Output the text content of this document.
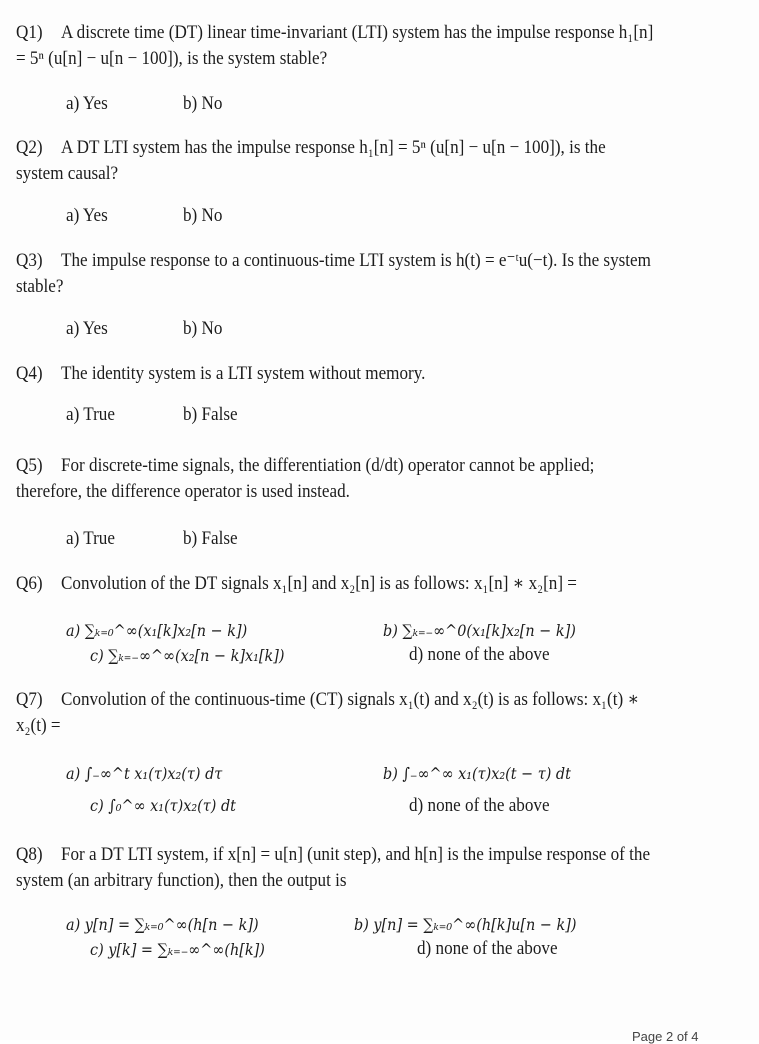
Q1) A discrete time (DT) linear time-invariant (LTI) system has the impulse response h₁[n] = 5ⁿ (u[n] − u[n − 100]), is the system stable?
a) Yes	b) No
Q2) A DT LTI system has the impulse response h₁[n] = 5ⁿ (u[n] − u[n − 100]), is the system causal?
a) Yes	b) No
Q3) The impulse response to a continuous-time LTI system is h(t) = e⁻ᵗu(−t). Is the system stable?
a) Yes	b) No
Q4) The identity system is a LTI system without memory.
a) True	b) False
Q5) For discrete-time signals, the differentiation (d/dt) operator cannot be applied; therefore, the difference operator is used instead.
a) True	b) False
Q6) Convolution of the DT signals x₁[n] and x₂[n] is as follows: x₁[n] ∗ x₂[n] =
a) ∑ₖ₌₀^∞(x₁[k]x₂[n − k])	b) ∑ₖ₌₋∞^0(x₁[k]x₂[n − k])
c) ∑ₖ₌₋∞^∞(x₂[n − k]x₁[k])	d) none of the above
Q7) Convolution of the continuous-time (CT) signals x₁(t) and x₂(t) is as follows: x₁(t) ∗ x₂(t) =
a) ∫₋∞^t x₁(τ)x₂(τ) dτ	b) ∫₋∞^∞ x₁(τ)x₂(t − τ) dt
c) ∫₀^∞ x₁(τ)x₂(τ) dt	d) none of the above
Q8) For a DT LTI system, if x[n] = u[n] (unit step), and h[n] is the impulse response of the system (an arbitrary function), then the output is
a) y[n] = ∑ₖ₌₀^∞(h[n − k])	b) y[n] = ∑ₖ₌₀^∞(h[k]u[n − k])
c) y[k] = ∑ₖ₌₋∞^∞(h[k])	d) none of the above
Page 2 of 4
